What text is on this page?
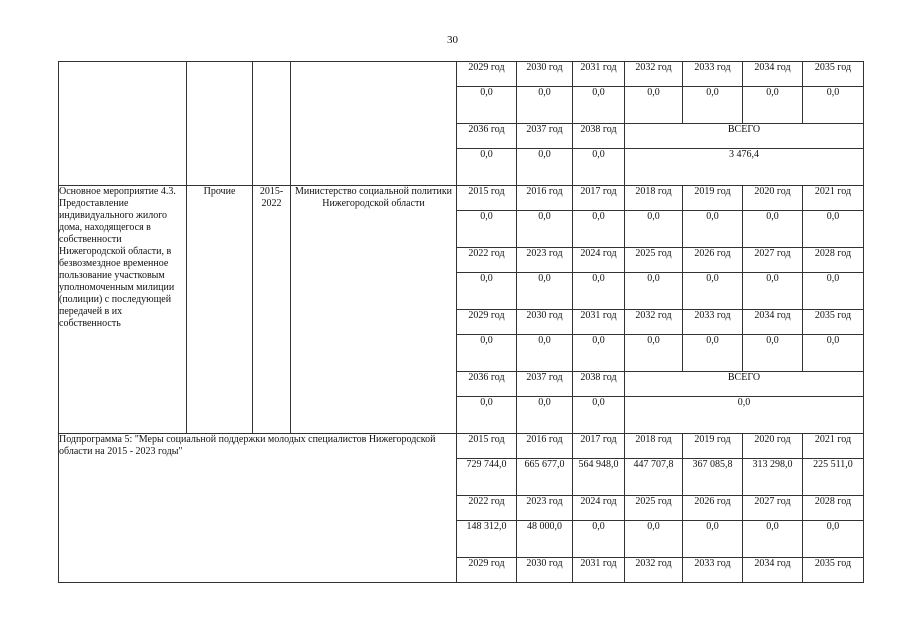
30
				2029 год	2030 год	2031 год	2032 год	2033 год	2034 год	2035 год
				0,0	0,0	0,0	0,0	0,0	0,0	0,0
				2036 год	2037 год	2038 год	ВСЕГО			
				0,0	0,0	0,0	3 476,4			
Основное мероприятие 4.3. Предоставление индивидуального жилого дома, находящегося в собственности Нижегородской области, в безвозмездное временное пользование участковым уполномоченным милиции (полиции) с последующей передачей в их собственность	Прочие	2015-2022	Министерство социальной политики Нижегородской области	2015 год	2016 год	2017 год	2018 год	2019 год	2020 год	2021 год
				0,0	0,0	0,0	0,0	0,0	0,0	0,0
				2022 год	2023 год	2024 год	2025 год	2026 год	2027 год	2028 год
				0,0	0,0	0,0	0,0	0,0	0,0	0,0
				2029 год	2030 год	2031 год	2032 год	2033 год	2034 год	2035 год
				0,0	0,0	0,0	0,0	0,0	0,0	0,0
				2036 год	2037 год	2038 год	ВСЕГО			
				0,0	0,0	0,0	0,0			
Подпрограмма 5: "Меры социальной поддержки молодых специалистов Нижегородской области на 2015 - 2023 годы"				2015 год	2016 год	2017 год	2018 год	2019 год	2020 год	2021 год
				729 744,0	665 677,0	564 948,0	447 707,8	367 085,8	313 298,0	225 511,0
				2022 год	2023 год	2024 год	2025 год	2026 год	2027 год	2028 год
				148 312,0	48 000,0	0,0	0,0	0,0	0,0	0,0
				2029 год	2030 год	2031 год	2032 год	2033 год	2034 год	2035 год
